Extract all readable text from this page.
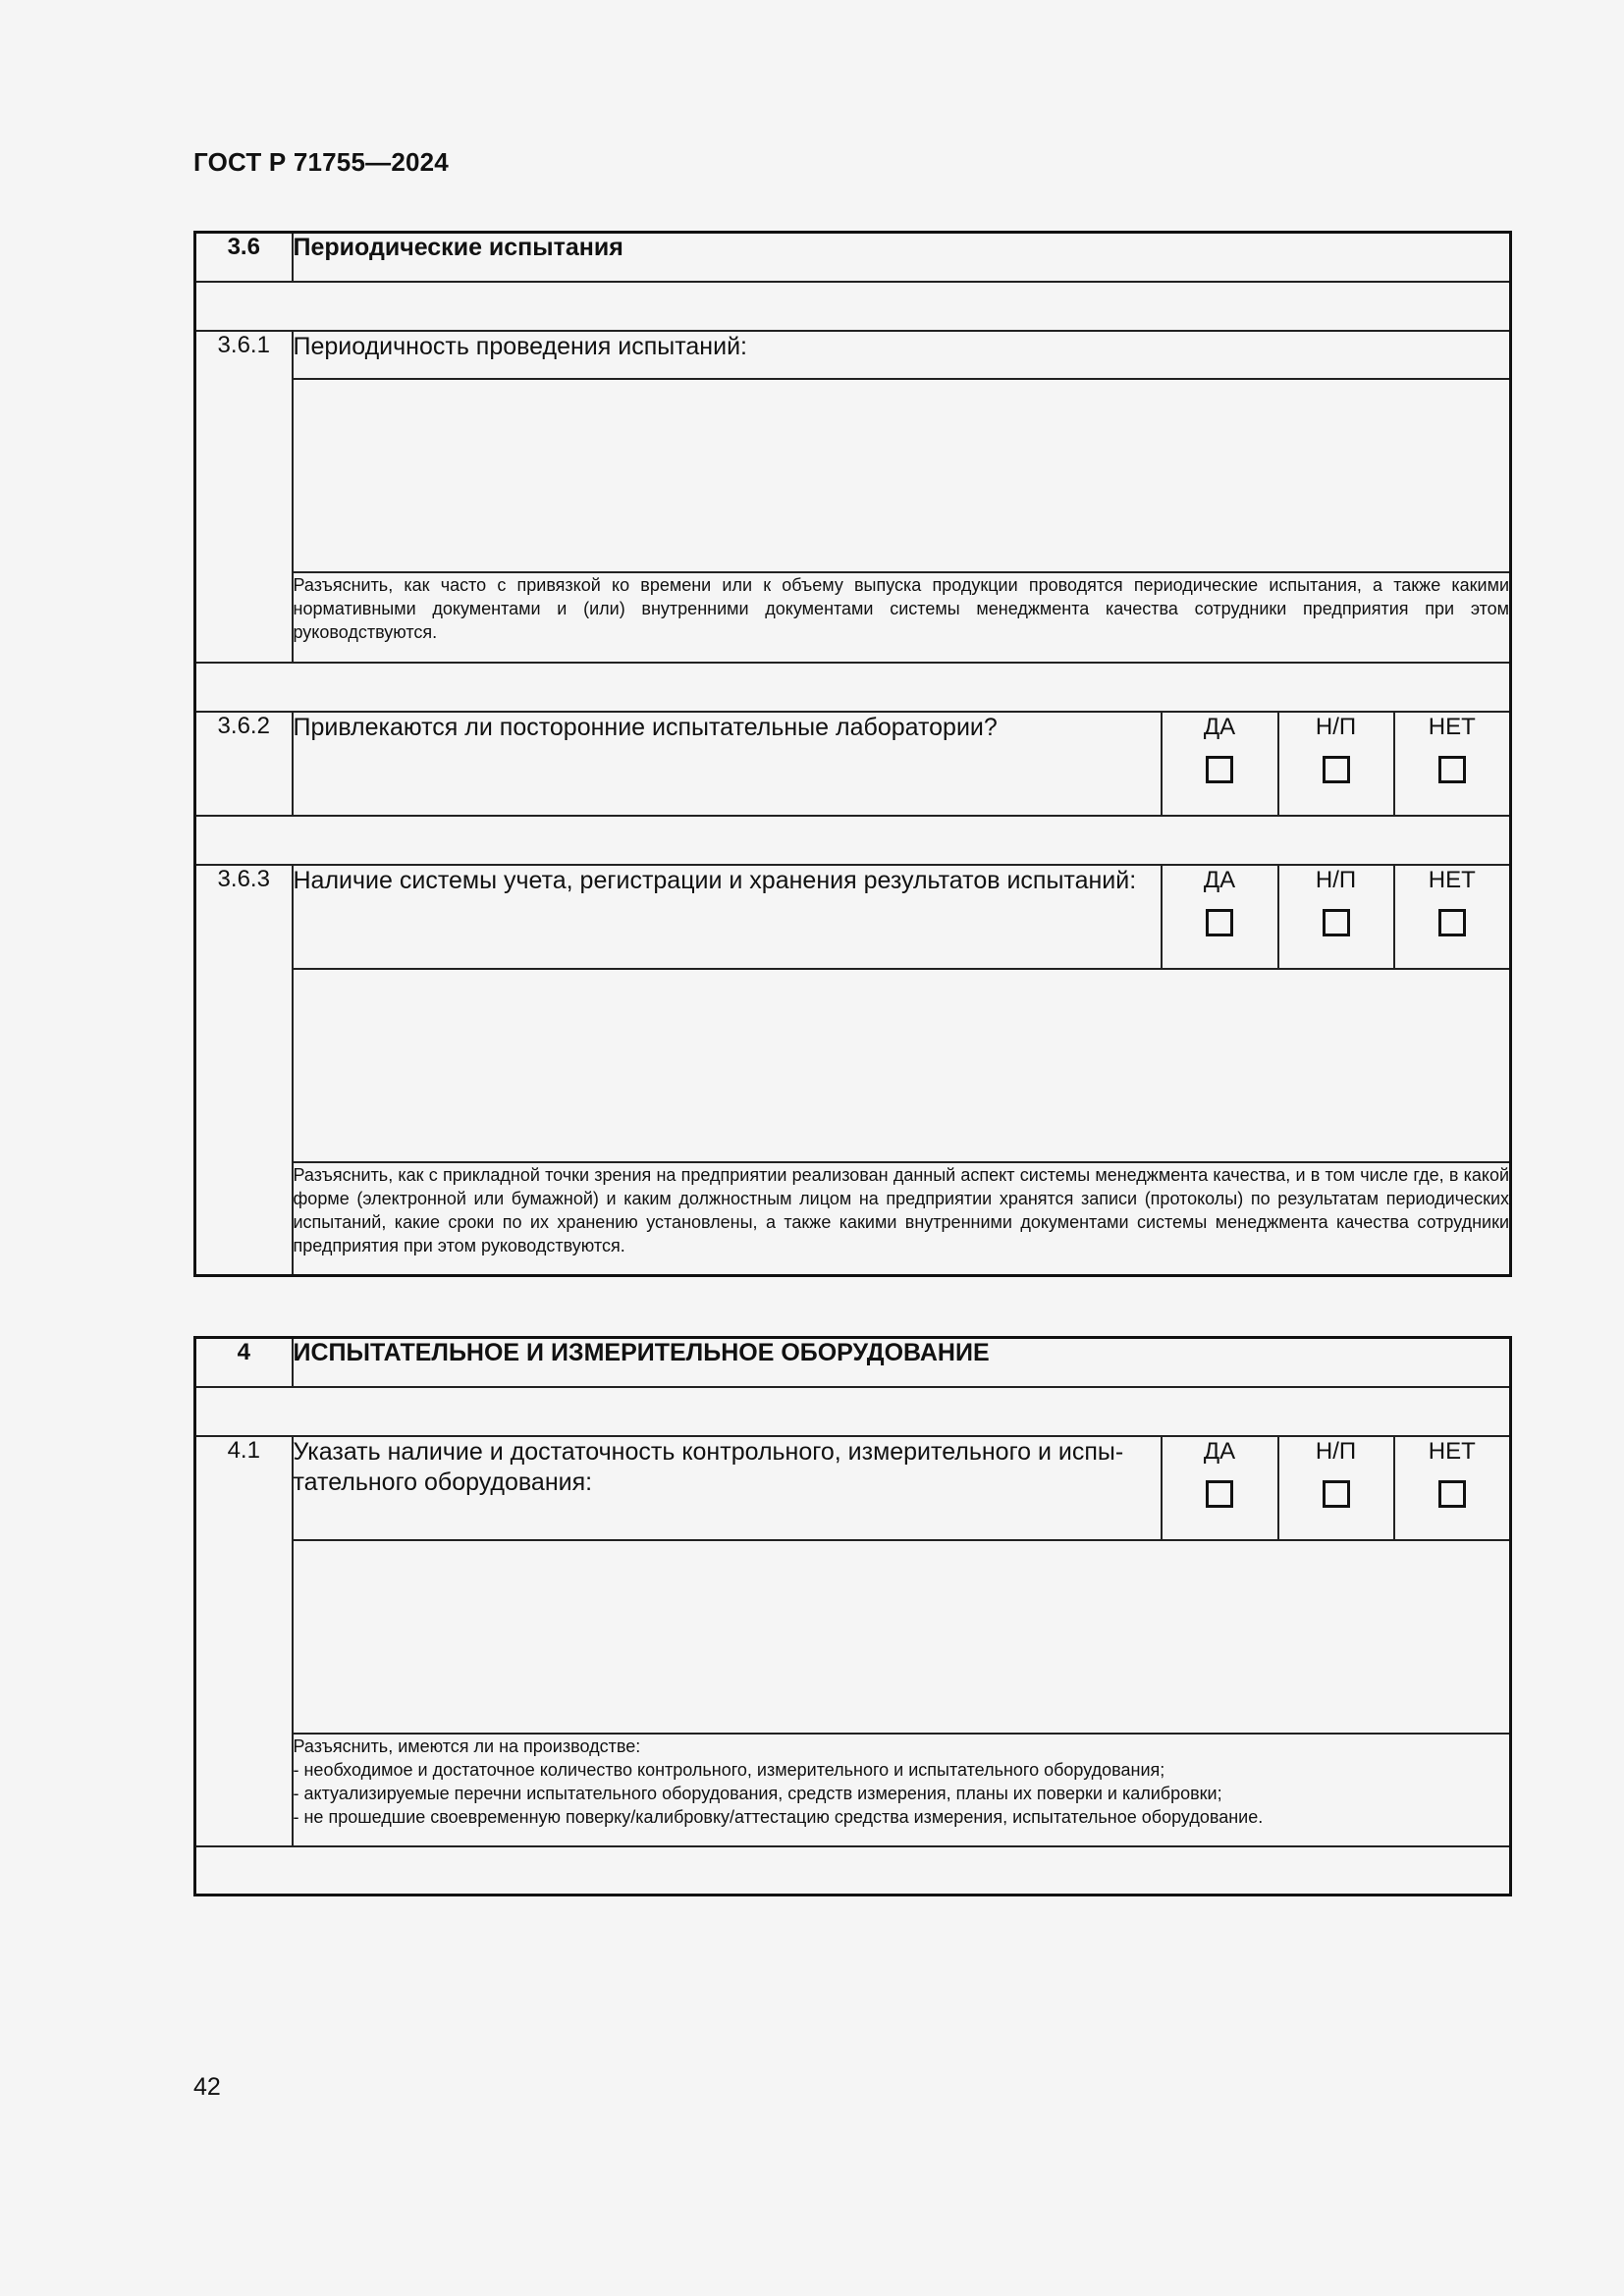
ГОСТ Р 71755—2024
3.6	Периодические испытания			

3.6.1	Периодичность проведения испытаний:			

	Разъяснить, как часто с привязкой ко времени или к объему выпуска продукции проводятся периодические испытания, а также какими нормативными документами и (или) внутренними документами системы менеджмента качества сотрудники предприятия при этом руководствуются.			

3.6.2	Привлекаются ли посторонние испытательные лаборатории?	ДА	Н/П	НЕТ

3.6.3	Наличие системы учета, регистрации и хранения результатов испытаний:	ДА	Н/П	НЕТ

	Разъяснить, как с прикладной точки зрения на предприятии реализован данный аспект системы менеджмента качества, и в том числе где, в какой форме (электронной или бумажной) и каким должностным лицом на предприятии хранятся записи (протоколы) по результатам периодических испытаний, какие сроки по их хранению установлены, а также какими внутренними документами системы менеджмента качества сотрудники предприятия при этом руководствуются.			
4	ИСПЫТАТЕЛЬНОЕ И ИЗМЕРИТЕЛЬНОЕ ОБОРУДОВАНИЕ			

4.1	Указать наличие и достаточность контрольного, измерительного и испы-тательного оборудования:	ДА	Н/П	НЕТ

	Разъяснить, имеются ли на производстве:
- необходимое и достаточное количество контрольного, измерительного и испытательного оборудования;
- актуализируемые перечни испытательного оборудования, средств измерения, планы их поверки и калибровки;
- не прошедшие своевременную поверку/калибровку/аттестацию средства измерения, испытательное оборудование.			

42
